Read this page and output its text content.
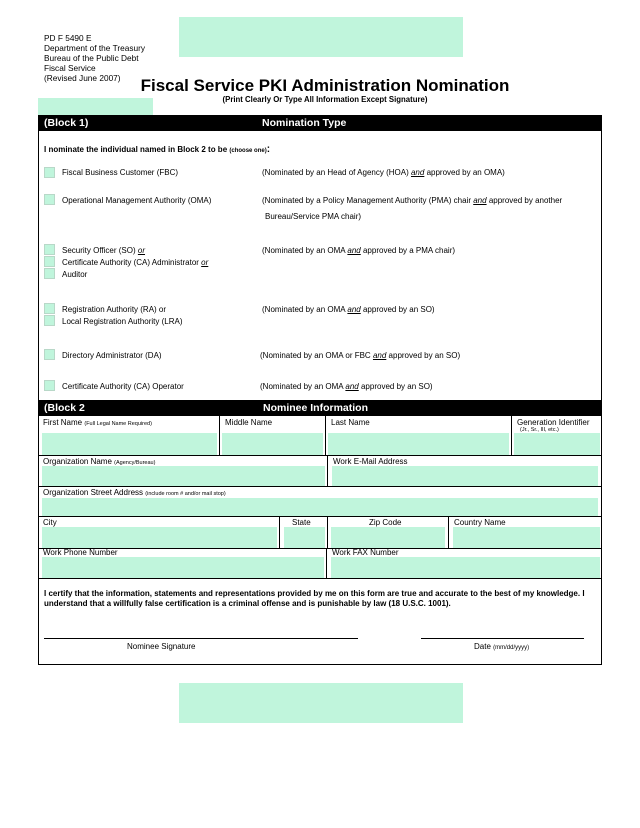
PD F 5490 E
Department of the Treasury
Bureau of the Public Debt
Fiscal Service
(Revised June 2007)	Fiscal Service PKI Administration Nomination
(Print Clearly Or Type All Information Except Signature)
(Block 1)	Nomination Type
I nominate the individual named in Block 2 to be (choose one):
Fiscal Business Customer (FBC)	(Nominated by an Head of Agency (HOA) and approved by an OMA)
Operational Management Authority (OMA)	(Nominated by a Policy Management Authority (PMA) chair and approved by another
Bureau/Service PMA chair)
Security Officer (SO) or
Certificate Authority (CA) Administrator or
Auditor
(Nominated by an OMA and approved by a PMA chair)
Registration Authority (RA) or
Local Registration Authority (LRA)
(Nominated by an OMA and approved by an SO)
Directory Administrator (DA)	(Nominated by an OMA or FBC and approved by an SO)
Certificate Authority (CA) Operator	(Nominated by an OMA and approved by an SO)
(Block 2	Nominee Information
First Name (Full Legal Name Required)	Middle Name	Last Name	Generation Identifier
(Jr., Sr., III, etc.)
Organization Name (Agency/Bureau)	Work E-Mail Address
Organization Street Address (include room # and/or mail stop)
City	State	Zip Code	Country Name
Work Phone Number	Work FAX Number
I certify that the information, statements and representations provided by me on this form are true and accurate to the best of my knowledge. I understand that a willfully false certification is a criminal offense and is punishable by law (18 U.S.C. 1001).
Nominee Signature	Date (mm/dd/yyyy)
